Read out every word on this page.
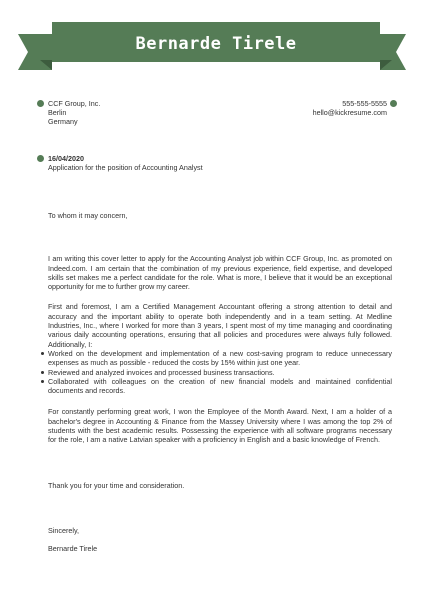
Bernarde Tirele
CCF Group, Inc.
Berlin
Germany
555-555-5555
hello@kickresume.com
16/04/2020
Application for the position of Accounting Analyst

To whom it may concern,

I am writing this cover letter to apply for the Accounting Analyst job within CCF Group, Inc. as promoted on Indeed.com. I am certain that the combination of my previous experience, field expertise, and developed skills set makes me a perfect candidate for the role. What is more, I believe that it would be an exceptional opportunity for me to further grow my career.

First and foremost, I am a Certified Management Accountant offering a strong attention to detail and accuracy and the important ability to operate both independently and in a team setting. At Medline Industries, Inc., where I worked for more than 3 years, I spent most of my time managing and coordinating various daily accounting operations, ensuring that all policies and procedures were always fully followed. Additionally, I:

Worked on the development and implementation of a new cost-saving program to reduce unnecessary expenses as much as possible - reduced the costs by 15% within just one year.
Reviewed and analyzed invoices and processed business transactions.
Collaborated with colleagues on the creation of new financial models and maintained confidential documents and records.

For constantly performing great work, I won the Employee of the Month Award. Next, I am a holder of a bachelor's degree in Accounting & Finance from the Massey University where I was among the top 2% of students with the best academic results. Possessing the experience with all software programs necessary for the role, I am a native Latvian speaker with a proficiency in English and a basic knowledge of French.

Thank you for your time and consideration.

Sincerely,

Bernarde Tirele
